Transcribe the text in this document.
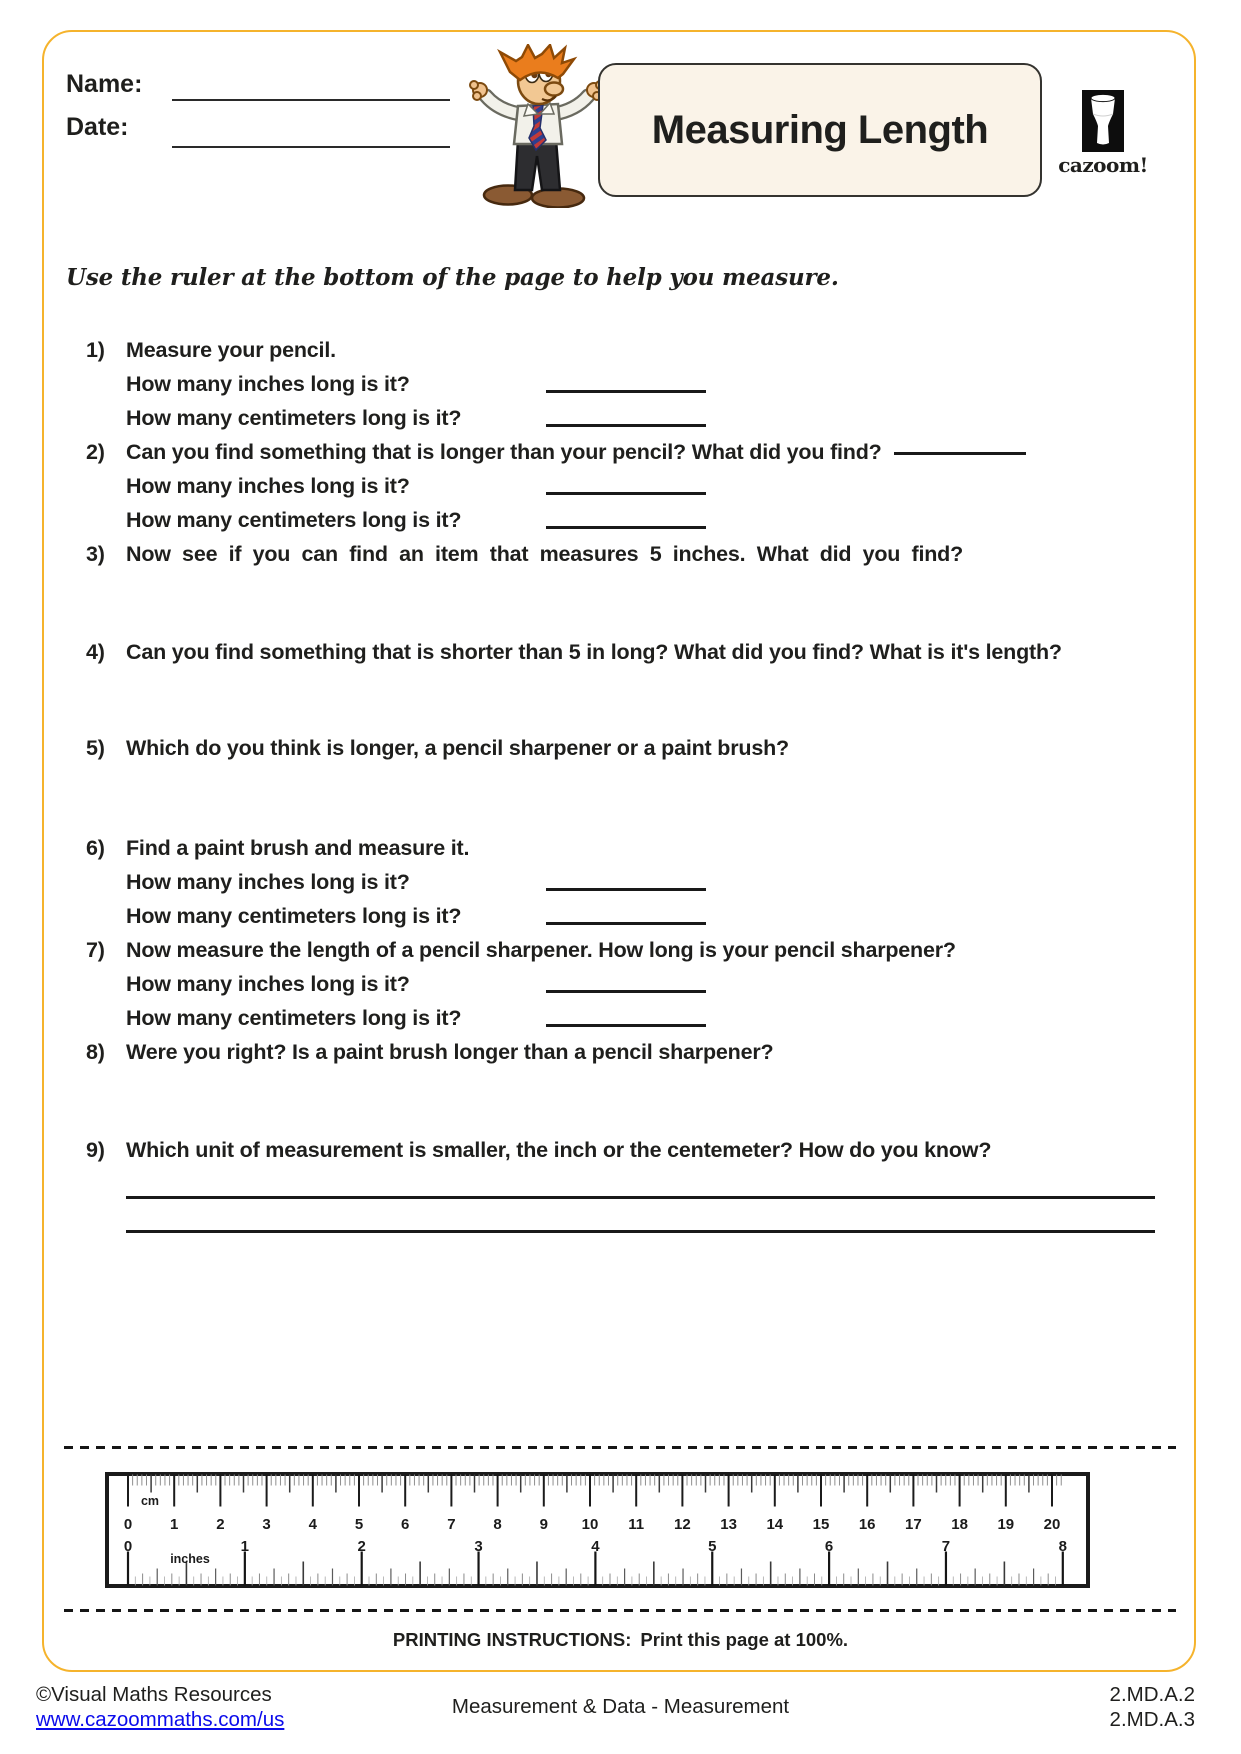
Name:
Date:	Measuring Length
cazoom!
Use the ruler at the bottom of the page to help you measure.
1) Measure your pencil.
How many inches long is it?
How many centimeters long is it?
2) Can you find something that is longer than your pencil? What did you find?
How many inches long is it?
How many centimeters long is it?
3) Now see if you can find an item that measures 5 inches. What did you find?
4) Can you find something that is shorter than 5 in long? What did you find? What is it's length?
5) Which do you think is longer, a pencil sharpener or a paint brush?
6) Find a paint brush and measure it.
How many inches long is it?
How many centimeters long is it?
7) Now measure the length of a pencil sharpener. How long is your pencil sharpener?
How many inches long is it?
How many centimeters long is it?
8) Were you right? Is a paint brush longer than a pencil sharpener?
9) Which unit of measurement is smaller, the inch or the centemeter? How do you know?
0	1	2	3	4	5	6	7	8	9 10 11 12 13 14 15 16 17 18 19 20
cm
0	1	2	3	4	5	6	7	8
inches
PRINTING INSTRUCTIONS: Print this page at 100%.
©Visual Maths Resources
www.cazoommaths.com/us
Measurement & Data - Measurement
2.MD.A.2
2.MD.A.3
